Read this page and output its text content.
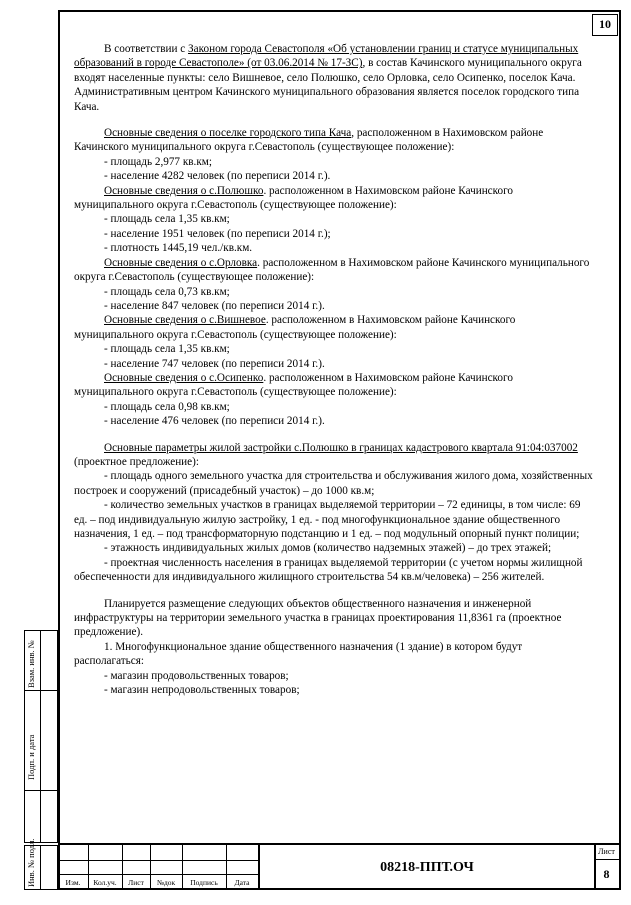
10

В соответствии с Законом города Севастополя «Об установлении границ и статусе муниципальных образований в городе Севастополе» (от 03.06.2014 № 17-ЗС), в состав Качинского муниципального округа входят населенные пункты: село Вишневое, село Полюшко, село Орловка, село Осипенко, поселок Кача. Административным центром Качинского муниципального образования является поселок городского типа Кача.

Основные сведения о поселке городского типа Кача, расположенном в Нахимовском районе Качинского муниципального округа г.Севастополь (существующее положение):

- площадь 2,977 кв.км;

- население 4282 человек (по переписи 2014 г.).

Основные сведения о с.Полюшко. расположенном в Нахимовском районе Качинского муниципального округа г.Севастополь (существующее положение):

- площадь села 1,35 кв.км;

- население 1951 человек (по переписи 2014 г.);

- плотность 1445,19 чел./кв.км.

Основные сведения о с.Орловка. расположенном в Нахимовском районе Качинского муниципального округа г.Севастополь (существующее положение):

- площадь села 0,73 кв.км;

- население 847 человек (по переписи 2014 г.).

Основные сведения о с.Вишневое. расположенном в Нахимовском районе Качинского муниципального округа г.Севастополь (существующее положение):

- площадь села 1,35 кв.км;

- население 747 человек (по переписи 2014 г.).

Основные сведения о с.Осипенко. расположенном в Нахимовском районе Качинского муниципального округа г.Севастополь (существующее положение):

- площадь села 0,98 кв.км;

- население 476 человек (по переписи 2014 г.).

Основные параметры жилой застройки с.Полюшко в границах кадастрового квартала 91:04:037002 (проектное предложение):

- площадь одного земельного участка для строительства и обслуживания жилого дома, хозяйственных построек и сооружений (присадебный участок) – до 1000 кв.м;

- количество земельных участков в границах выделяемой территории – 72 единицы, в том числе: 69 ед. – под индивидуальную жилую застройку, 1 ед. - под многофункциональное здание общественного назначения, 1 ед. – под трансформаторную подстанцию и 1 ед. – под модульный опорный пункт полиции;

- этажность индивидуальных жилых домов (количество надземных этажей) – до трех этажей;

- проектная численность населения в границах выделяемой территории (с учетом нормы жилищной обеспеченности для индивидуального жилищного строительства 54 кв.м/человека) – 256 жителей.

Планируется размещение следующих объектов общественного назначения и инженерной инфраструктуры на территории земельного участка в границах проектирования 11,8361 га (проектное предложение).

1. Многофункциональное здание общественного назначения (1 здание) в котором будут располагаться:

- магазин продовольственных товаров;

- магазин непродовольственных товаров;

Взам. инв. №
Подп. и дата
Инв. № подл.	Изм.	Кол.уч.	Лист	№док	Подпись	Дата
08218-ППТ.ОЧ
Лист
8
